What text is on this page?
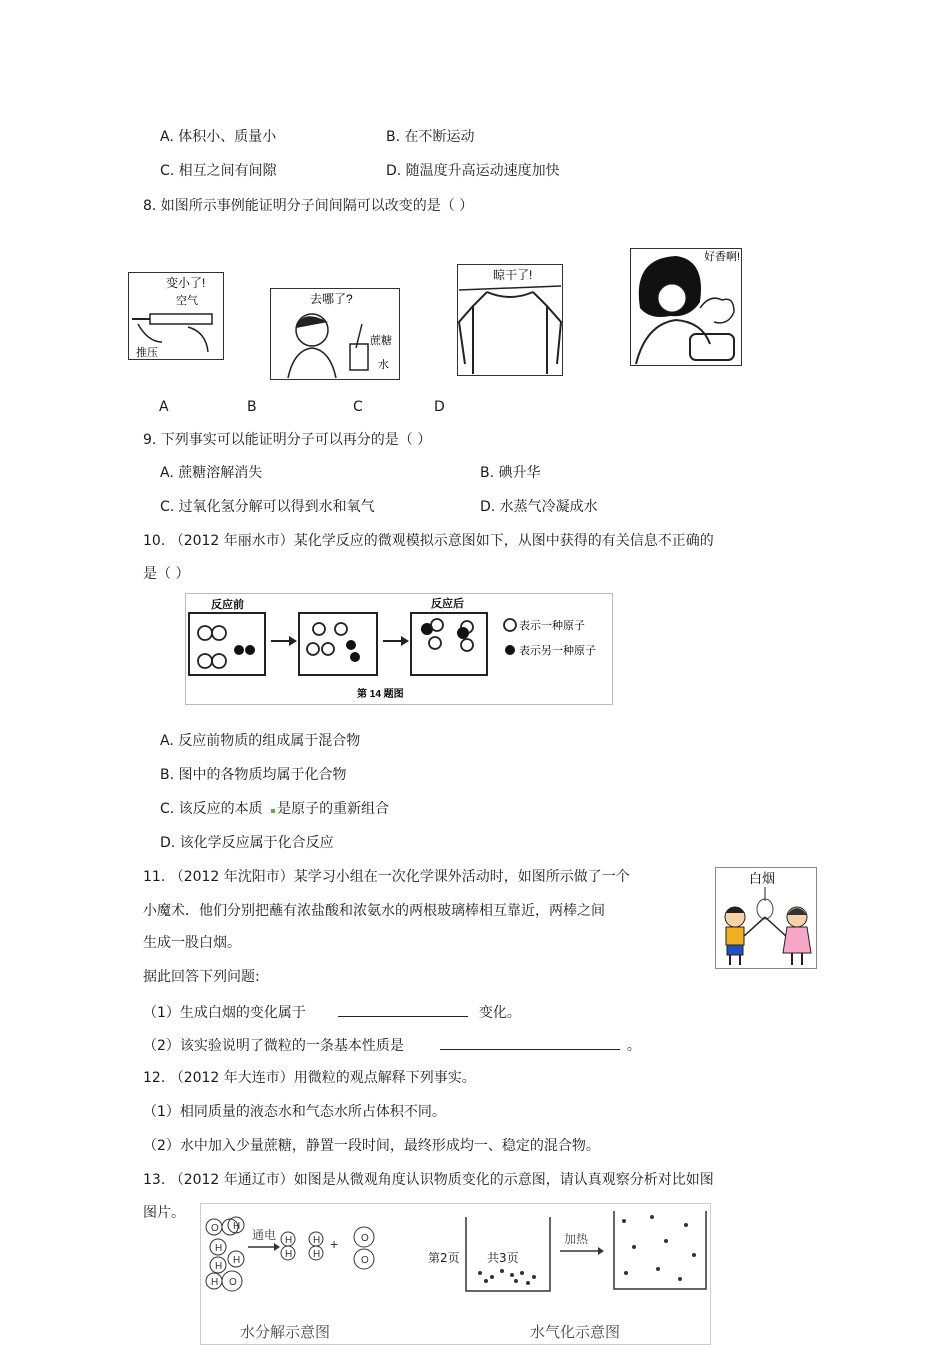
A. 体积小、质量小	B. 在不断运动
C. 相互之间有间隙	D. 随温度升高运动速度加快
8. 如图所示事例能证明分子间间隔可以改变的是（ ）
变小了!
空气
推压
去哪了?
蔗糖
水
晾干了!
好香啊!
A	B	C	D
9. 下列事实可以能证明分子可以再分的是（ ）
A. 蔗糖溶解消失	B. 碘升华
C. 过氧化氢分解可以得到水和氧气	D. 水蒸气冷凝成水
10. （2012 年丽水市）某化学反应的微观模拟示意图如下，从图中获得的有关信息不正确的
是（ ）
反应前	反应后
表示一种原子
表示另一种原子
第 14 题图
A. 反应前物质的组成属于混合物
B. 图中的各物质均属于化合物
C. 该反应的本质 是原子的重新组合
D. 该化学反应属于化合反应
11. （2012 年沈阳市）某学习小组在一次化学课外活动时，如图所示做了一个
小魔术．他们分别把蘸有浓盐酸和浓氨水的两根玻璃棒相互靠近，两棒之间
生成一股白烟。
白烟
据此回答下列问题:
（1）生成白烟的变化属于	变化。
（2）该实验说明了微粒的一条基本性质是	。
12. （2012 年大连市）用微粒的观点解释下列事实。
（1）相同质量的液态水和气态水所占体积不同。
（2）水中加入少量蔗糖，静置一段时间，最终形成均一、稳定的混合物。
13. （2012 年通辽市）如图是从微观角度认识物质变化的示意图，请认真观察分析对比如图
图片。
O H
H
H
H
H O
通电 H
H
H
H
+ O
O
加热
水分解示意图	水气化示意图
第2页 共3页
